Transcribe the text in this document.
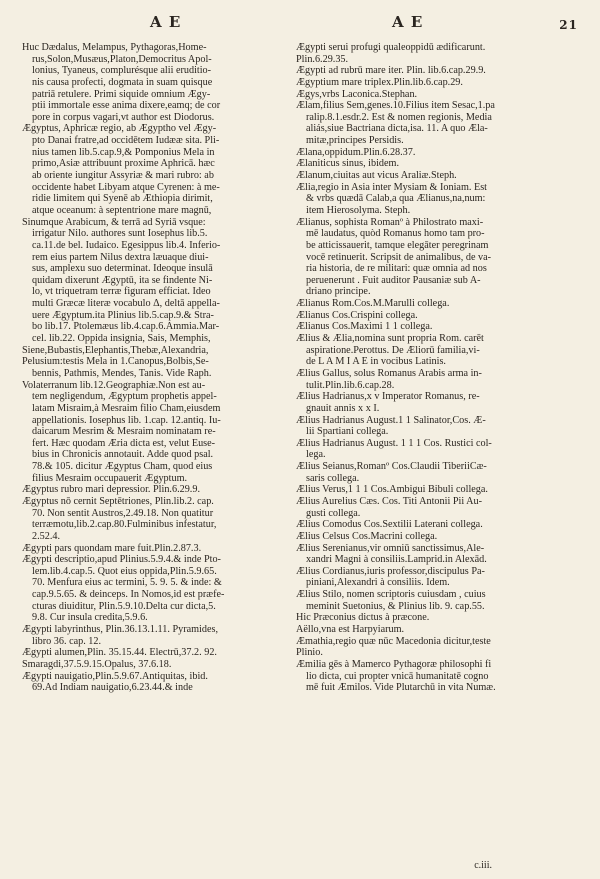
A E	A E	21
Huc Dædalus, Melampus, Pythagoras,Home-
rus,Solon,Musæus,Platon,Democritus Apol-
lonius, Tyaneus, complurésque alii eruditio-
nis causa profecti, dogmata in suam quisque
patriā retulere. Primi siquide omnium Ægy-
ptii immortale esse anima dixere,eamq; de cor
pore in corpus vagari,vt author est Diodorus.
Ægyptus, Aphricæ regio, ab Ægyptho vel Ægy-
pto Danai fratre,ad occidētem Iudææ sita. Pli-
nius tamen lib.5.cap.9,& Pomponius Mela in
primo,Asiæ attribuunt proxime Aphricā. hæc
ab oriente iungitur Assyriæ & mari rubro: ab
occidente habet Libyam atque Cyrenen: à me-
ridie limitem qui Syenē ab Æthiopia dirimit,
atque oceanum: à septentrione mare magnū,
Sinumque Arabicum, & terrā ad Syriā vsque:
irrigatur Nilo. authores sunt Iosephus lib.5.
ca.11.de bel. Iudaico. Egesippus lib.4. Inferio-
rem eius partem Nilus dextra læuaque diui-
sus, amplexu suo determinat. Ideoque insulā
quidam dixerunt Ægyptū, ita se findente Ni-
lo, vt triquetram terræ figuram efficiat. Ideo
multi Græcæ literæ vocabulo Δ, deltā appella-
uere Ægyptum.ita Plinius lib.5.cap.9.& Stra-
bo lib.17. Ptolemæus lib.4.cap.6.Ammia.Mar-
cel. lib.22. Oppida insignia, Sais, Memphis,
Siene,Bubastis,Elephantis,Thebæ,Alexandria,
Pelusium:testis Mela in 1.Canopus,Bolbis,Se-
bennis, Pathmis, Mendes, Tanis. Vide Raph.
Volaterranum lib.12.Geographiæ.Non est au-
tem negligendum, Ægyptum prophetis appel-
latam Misraim,à Mesraim filio Cham,eiusdem
appellationis. Iosephus lib. 1.cap. 12.antiq. Iu-
daicarum Mesrim & Mesraim nominatam re-
fert. Hæc quodam Æria dicta est, velut Euse-
bius in Chronicis annotauit. Adde quod psal.
78.& 105. dicitur Ægyptus Cham, quod eius
filius Mesraim occupauerit Ægyptum.
Ægyptus rubro mari depressior. Plin.6.29.9.
Ægyptus nō cernit Septētriones, Plin.lib.2. cap.
70. Non sentit Austros,2.49.18. Non quatitur
terræmotu,lib.2.cap.80.Fulminibus infestatur,
2.52.4.
Ægypti pars quondam mare fuit.Plin.2.87.3.
Ægypti descriptio,apud Plinius.5.9.4.& inde Pto-
lem.lib.4.cap.5. Quot eius oppida,Plin.5.9.65.
70. Menfura eius ac termini, 5. 9. 5. & inde: &
cap.9.5.65. & deinceps. In Nomos,id est præfe-
cturas diuiditur, Plin.5.9.10.Delta cur dicta,5.
9.8. Cur insula credita,5.9.6.
Ægypti labyrinthus, Plin.36.13.1.11. Pyramides,
libro 36. cap. 12.
Ægypti alumen,Plin. 35.15.44. Electrū,37.2. 92.
Smaragdi,37.5.9.15.Opalus, 37.6.18.
Ægypti nauigatio,Plin.5.9.67.Antiquitas, ibid.
69.Ad Indiam nauigatio,6.23.44.& inde
Ægypti serui profugi qualeoppidū ædificarunt.
Plin.6.29.35.
Ægypti ad rubrū mare iter. Plin. lib.6.cap.29.9.
Ægyptium mare triplex.Plin.lib.6.cap.29.
Ægys,vrbs Laconica.Stephan.
Ælam,filius Sem,genes.10.Filius item Sesac,1.pa
ralip.8.1.esdr.2. Est & nomen regionis, Media
aliás,siue Bactriana dicta,isa. 11. A quo Æla-
mitæ,principes Persidis.
Ælana,oppidum.Plin.6.28.37.
Ælaniticus sinus, ibidem.
Ælanum,ciuitas aut vicus Araliæ.Steph.
Ælia,regio in Asia inter Mysiam & Ioniam. Est
& vrbs quædā Calab,a qua Ælianus,na,num:
item Hierosolyma. Steph.
Ælianus, sophista Romanº à Philostrato maxi-
mē laudatus, quòd Romanus homo tam pro-
be atticissauerit, tamque elegāter peregrinam
vocē retinuerit. Scripsit de animalibus, de va-
ria historia, de re militari: quæ omnia ad nos
peruenerunt . Fuit auditor Pausaniæ sub A-
driano principe.
Ælianus Rom.Cos.M.Marulli collega.
Ælianus Cos.Crispini collega.
Ælianus Cos.Maximi 1 1 collega.
Ælius & Ælia,nomina sunt propria Rom. carēt
aspiratione.Perottus. De Æliorū familia,vi-
de L A M I A E in vocibus Latinis.
Ælius Gallus, solus Romanus Arabis arma in-
tulit.Plin.lib.6.cap.28.
Ælius Hadrianus,x v Imperator Romanus, re-
gnauit annis x x I.
Ælius Hadrianus August.1 1 Salinator,Cos. Æ-
lii Spartiani collega.
Ælius Hadrianus August. 1 1 1 Cos. Rustici col-
lega.
Ælius Seianus,Romanº Cos.Claudii TiberiiCæ-
saris collega.
Ælius Verus,1 1 1 Cos.Ambigui Bibuli collega.
Ælius Aurelius Cæs. Cos. Titi Antonii Pii Au-
gusti collega.
Ælius Comodus Cos.Sextilii Laterani collega.
Ælius Celsus Cos.Macrini collega.
Ælius Serenianus,vir omniū sanctissimus,Ale-
xandri Magni à consiliis.Lamprid.in Alexād.
Ælius Cordianus,iuris professor,discipulus Pa-
piniani,Alexandri à consiliis. Idem.
Ælius Stilo, nomen scriptoris cuiusdam , cuius
meminit Suetonius, & Plinius lib. 9. cap.55.
Hic Præconius dictus à præcone.
Aëllo,vna est Harpyiarum.
Æmathia,regio quæ nūc Macedonia dicitur,teste
Plinio.
Æmilia gēs à Mamerco Pythagoræ philosophi fi
lio dicta, cui propter vnicā humanitatē cogno
mē fuit Æmilos. Vide Plutarchū in vita Numæ.
c.iii.
